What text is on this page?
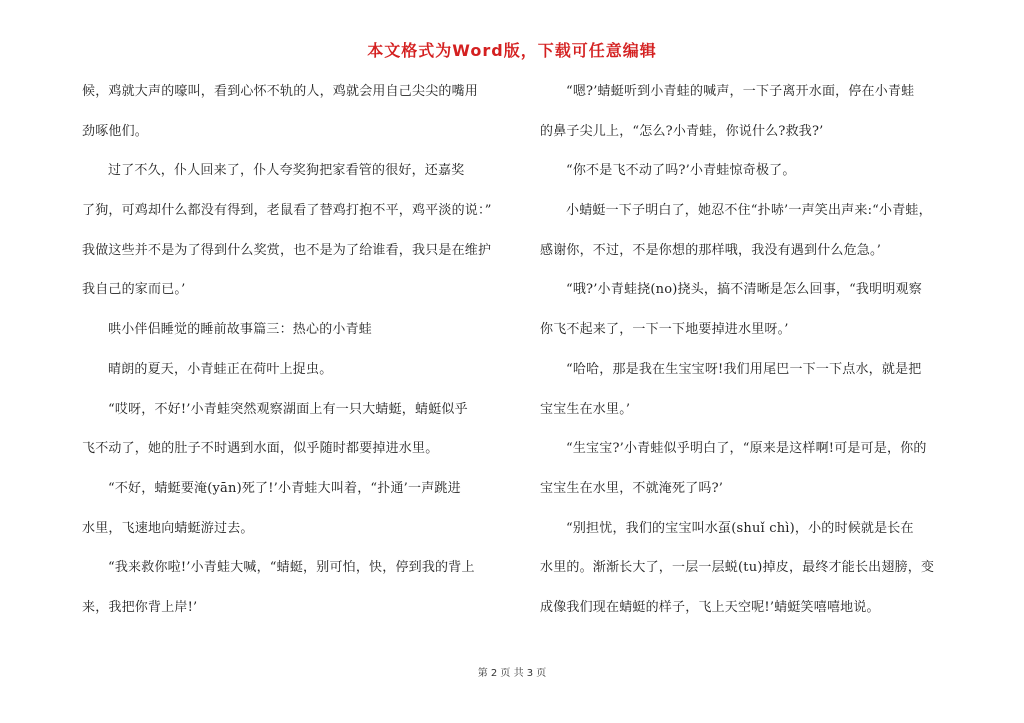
本文格式为Word版，下载可任意编辑
候，鸡就大声的嚎叫，看到心怀不轨的人，鸡就会用自己尖尖的嘴用
劲啄他们。
过了不久，仆人回来了，仆人夸奖狗把家看管的很好，还嘉奖
了狗，可鸡却什么都没有得到，老鼠看了替鸡打抱不平，鸡平淡的说：”
我做这些并不是为了得到什么奖赏，也不是为了给谁看，我只是在维护
我自己的家而已。’
哄小伴侣睡觉的睡前故事篇三：热心的小青蛙
晴朗的夏天，小青蛙正在荷叶上捉虫。
“哎呀，不好!’小青蛙突然观察湖面上有一只大蜻蜓，蜻蜓似乎
飞不动了，她的肚子不时遇到水面，似乎随时都要掉进水里。
“不好，蜻蜓要淹(yān)死了!’小青蛙大叫着，“扑通’一声跳进
水里，飞速地向蜻蜓游过去。
“我来救你啦!’小青蛙大喊，“蜻蜓，别可怕，快，停到我的背上
来，我把你背上岸!’
“嗯?’蜻蜓听到小青蛙的喊声，一下子离开水面，停在小青蛙
的鼻子尖儿上，“怎么?小青蛙，你说什么?救我?’
“你不是飞不动了吗?’小青蛙惊奇极了。
小蜻蜓一下子明白了，她忍不住“扑哧’一声笑出声来:“小青蛙，
感谢你，不过，不是你想的那样哦，我没有遇到什么危急。’
“哦?’小青蛙挠(no)挠头，搞不清晰是怎么回事，“我明明观察
你飞不起来了，一下一下地要掉进水里呀。’
“哈哈，那是我在生宝宝呀!我们用尾巴一下一下点水，就是把
宝宝生在水里。’
“生宝宝?’小青蛙似乎明白了，“原来是这样啊!可是可是，你的
宝宝生在水里，不就淹死了吗?’
“别担忧，我们的宝宝叫水虿(shuǐ chì)，小的时候就是长在
水里的。渐渐长大了，一层一层蜕(tu)掉皮，最终才能长出翅膀，变
成像我们现在蜻蜓的样子，飞上天空呢!’蜻蜓笑嘻嘻地说。
第 2 页 共 3 页
